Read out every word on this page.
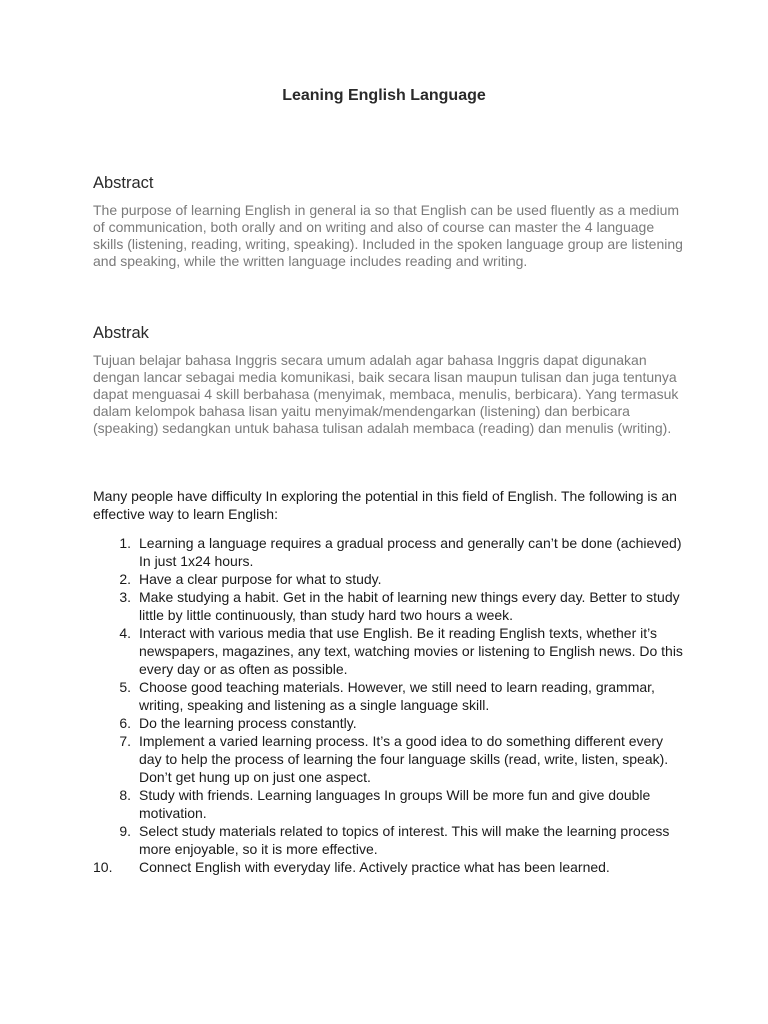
Leaning English Language
Abstract

The purpose of learning English in general ia so that English can be used fluently as a medium of communication, both orally and on writing and also of course can master the 4 language skills (listening, reading, writing, speaking). Included in the spoken language group are listening and speaking, while the written language includes reading and writing.

Abstrak

Tujuan belajar bahasa Inggris secara umum adalah agar bahasa Inggris dapat digunakan dengan lancar sebagai media komunikasi, baik secara lisan maupun tulisan dan juga tentunya dapat menguasai 4 skill berbahasa (menyimak, membaca, menulis, berbicara). Yang termasuk dalam kelompok bahasa lisan yaitu menyimak/mendengarkan (listening) dan berbicara (speaking) sedangkan untuk bahasa tulisan adalah membaca (reading) dan menulis (writing).

Many people have difficulty In exploring the potential in this field of English. The following is an effective way to learn English:

1. Learning a language requires a gradual process and generally can’t be done (achieved) In just 1x24 hours.
2. Have a clear purpose for what to study.
3. Make studying a habit. Get in the habit of learning new things every day. Better to study little by little continuously, than study hard two hours a week.
4. Interact with various media that use English. Be it reading English texts, whether it’s newspapers, magazines, any text, watching movies or listening to English news. Do this every day or as often as possible.
5. Choose good teaching materials. However, we still need to learn reading, grammar, writing, speaking and listening as a single language skill.
6. Do the learning process constantly.
7. Implement a varied learning process. It’s a good idea to do something different every day to help the process of learning the four language skills (read, write, listen, speak). Don’t get hung up on just one aspect.
8. Study with friends. Learning languages In groups Will be more fun and give double motivation.
9. Select study materials related to topics of interest. This will make the learning process more enjoyable, so it is more effective.
10.	Connect English with everyday life. Actively practice what has been learned.
